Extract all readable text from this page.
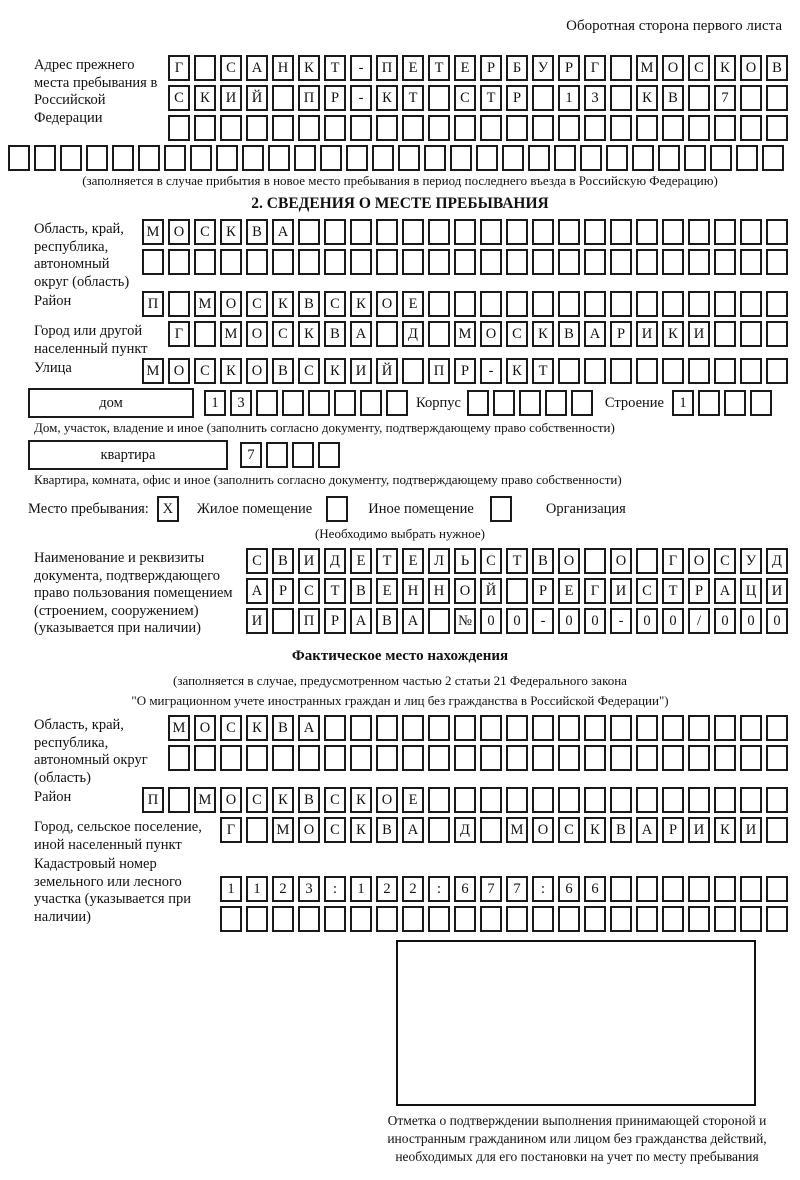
Оборотная сторона первого листа
Адрес прежнего места пребывания в Российской Федерации
Г	С	А	Н	К	Т	-	П	Е	Т	Е	Р	Б	У	Р	Г	М О	С	К	О	В
С	К	И	Й	П	Р	-	К	Т	С	Т	Р	1	3	К	В	7
(заполняется в случае прибытия в новое место пребывания в период последнего въезда в Российскую Федерацию)
2. СВЕДЕНИЯ О МЕСТЕ ПРЕБЫВАНИЯ
Область, край, республика, автономный округ (область)
М О	С	К	В	А
Район	П	М О	С	К	В	С	К	О	Е
Город или другой населенный пункт
Г	М О	С	К	В	А	Д	М О	С	К	В	А	Р	И	К	И
Улица	М О	С	К	О	В	С	К	И	Й	П	Р	-	К	Т
дом	1	3	Корпус	Строение	1
Дом, участок, владение и иное (заполнить согласно документу, подтверждающему право собственности)
квартира	7
Квартира, комната, офис и иное (заполнить согласно документу, подтверждающему право собственности)
Место пребывания: X	Жилое помещение	Иное помещение	Организация
(Необходимо выбрать нужное)
Наименование и реквизиты документа, подтверждающего право пользования помещением (строением, сооружением) (указывается при наличии)
С	В	И	Д	Е	Т	Е	Л	Ь	С	Т	В	О	О	Г	О	С	У	Д
А	Р	С	Т	В	Е	Н	Н	О	Й	Р	Е	Г	И	С	Т	Р	А	Ц	И
И	П	Р	А	В	А	№	0	0	-	0	0	-	0	0	/	0	0	0
Фактическое место нахождения
(заполняется в случае, предусмотренном частью 2 статьи 21 Федерального закона
"О миграционном учете иностранных граждан и лиц без гражданства в Российской Федерации")
Область, край, республика, автономный округ (область)
М О	С	К	В	А
Район	П	М О	С	К	В	С	К	О	Е
Город, сельское поселение, иной населенный пункт
Г	М О	С	К	В	А	Д	М О	С	К	В	А	Р	И	К	И
Кадастровый номер земельного или лесного участка (указывается при наличии)
1	1	2	3	:	1	2	2	:	6	7	7	:	6	6
Отметка о подтверждении выполнения принимающей стороной и иностранным гражданином или лицом без гражданства действий, необходимых для его постановки на учет по месту пребывания
